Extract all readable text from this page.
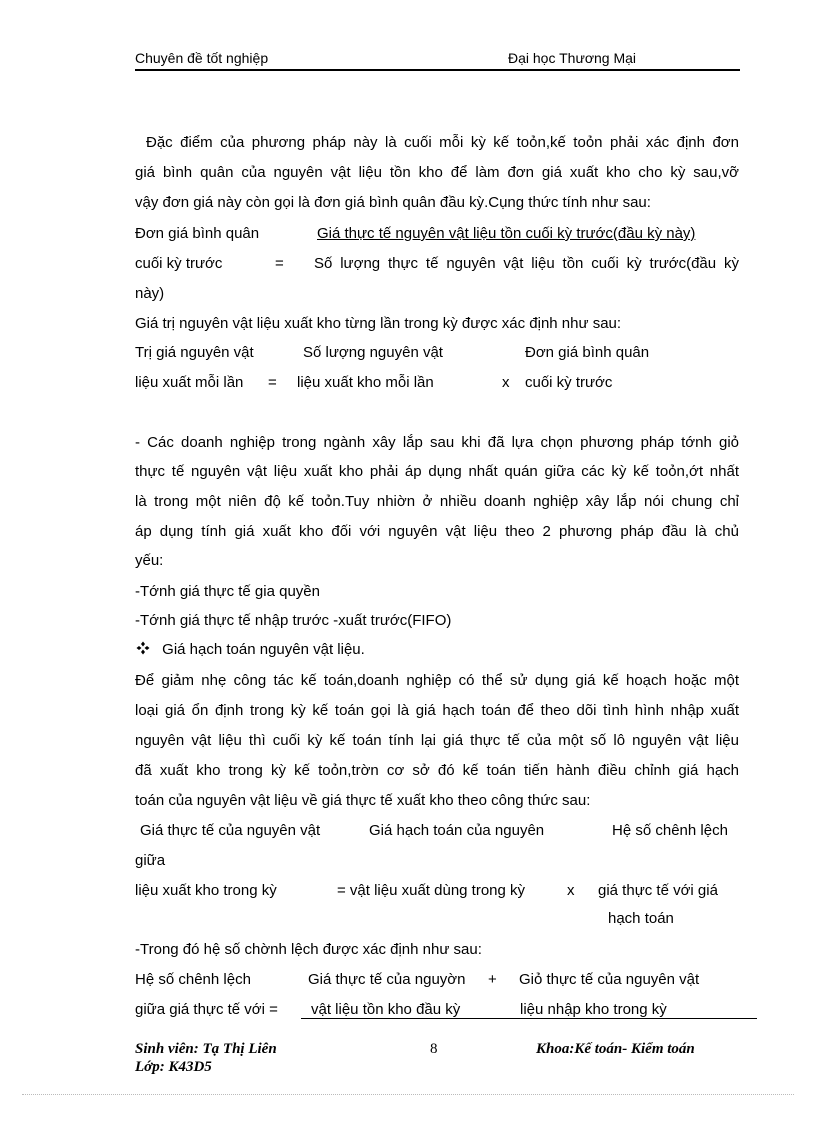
Chuyên đề tốt nghiệp	Đại học Thương Mại
Đặc điểm của phương pháp này là cuối mỗi kỳ kế toỏn,kế toỏn phải xác định đơn
giá bình quân của nguyên vật liệu tồn kho để làm đơn giá xuất kho cho kỳ sau,vỡ
vậy đơn giá này còn gọi là đơn giá bình quân đầu kỳ.Cụng thức tính như sau:
Đơn giá bình quân	Giá thực tế nguyên vật liệu tồn cuối kỳ trước(đầu kỳ này)
cuối kỳ trước	= Số lượng thực tế nguyên vật liệu tồn cuối kỳ trước(đầu kỳ
này)
Giá trị nguyên vật liệu xuất kho từng lần trong kỳ được xác định như sau:
Trị giá nguyên vật	Số lượng nguyên vật	Đơn giá bình quân
liệu xuất mỗi lần = liệu xuất kho mỗi lần	x cuối kỳ trước
- Các doanh nghiệp trong ngành xây lắp sau khi đã lựa chọn phương pháp tớnh giỏ
thực tế nguyên vật liệu xuất kho phải áp dụng nhất quán giữa các kỳ kế toỏn,ớt nhất
là trong một niên độ kế toỏn.Tuy nhiờn ở nhiều doanh nghiệp xây lắp nói chung chỉ
áp dụng tính giá xuất kho đối với nguyên vật liệu theo 2 phương pháp đầu là chủ
yếu:
-Tớnh giá thực tế gia quyền
-Tớnh giá thực tế nhập trước -xuất trước(FIFO)
Giá hạch toán nguyên vật liệu.
Để giảm nhẹ công tác kế toán,doanh nghiệp có thể sử dụng giá kế hoạch hoặc một
loại giá ổn định trong kỳ kế toán gọi là giá hạch toán để theo dõi tình hình nhập xuất
nguyên vật liệu thì cuối kỳ kế toán tính lại giá thực tế của một số lô nguyên vật liệu
đã xuất kho trong kỳ kế toỏn,trờn cơ sở đó kế toán tiến hành điều chỉnh giá hạch
toán của nguyên vật liệu về giá thực tế xuất kho theo công thức sau:
Giá thực tế của nguyên vật	Giá hạch toán của nguyên	Hệ số chênh lệch
giữa
liệu xuất kho trong kỳ	= vật liệu xuất dùng trong kỳ	x giá thực tế với giá
hạch toán
-Trong đó hệ số chờnh lệch được xác định như sau:
Hệ số chênh lệch	Giá thực tế của nguyờn + Giỏ thực tế của nguyên vật
giữa giá thực tế với = vật liệu tồn kho đầu kỳ	liệu nhập kho trong kỳ
Sinh viên: Tạ Thị Liên
Lớp: K43D5
8	Khoa:Kế toán- Kiểm toán
